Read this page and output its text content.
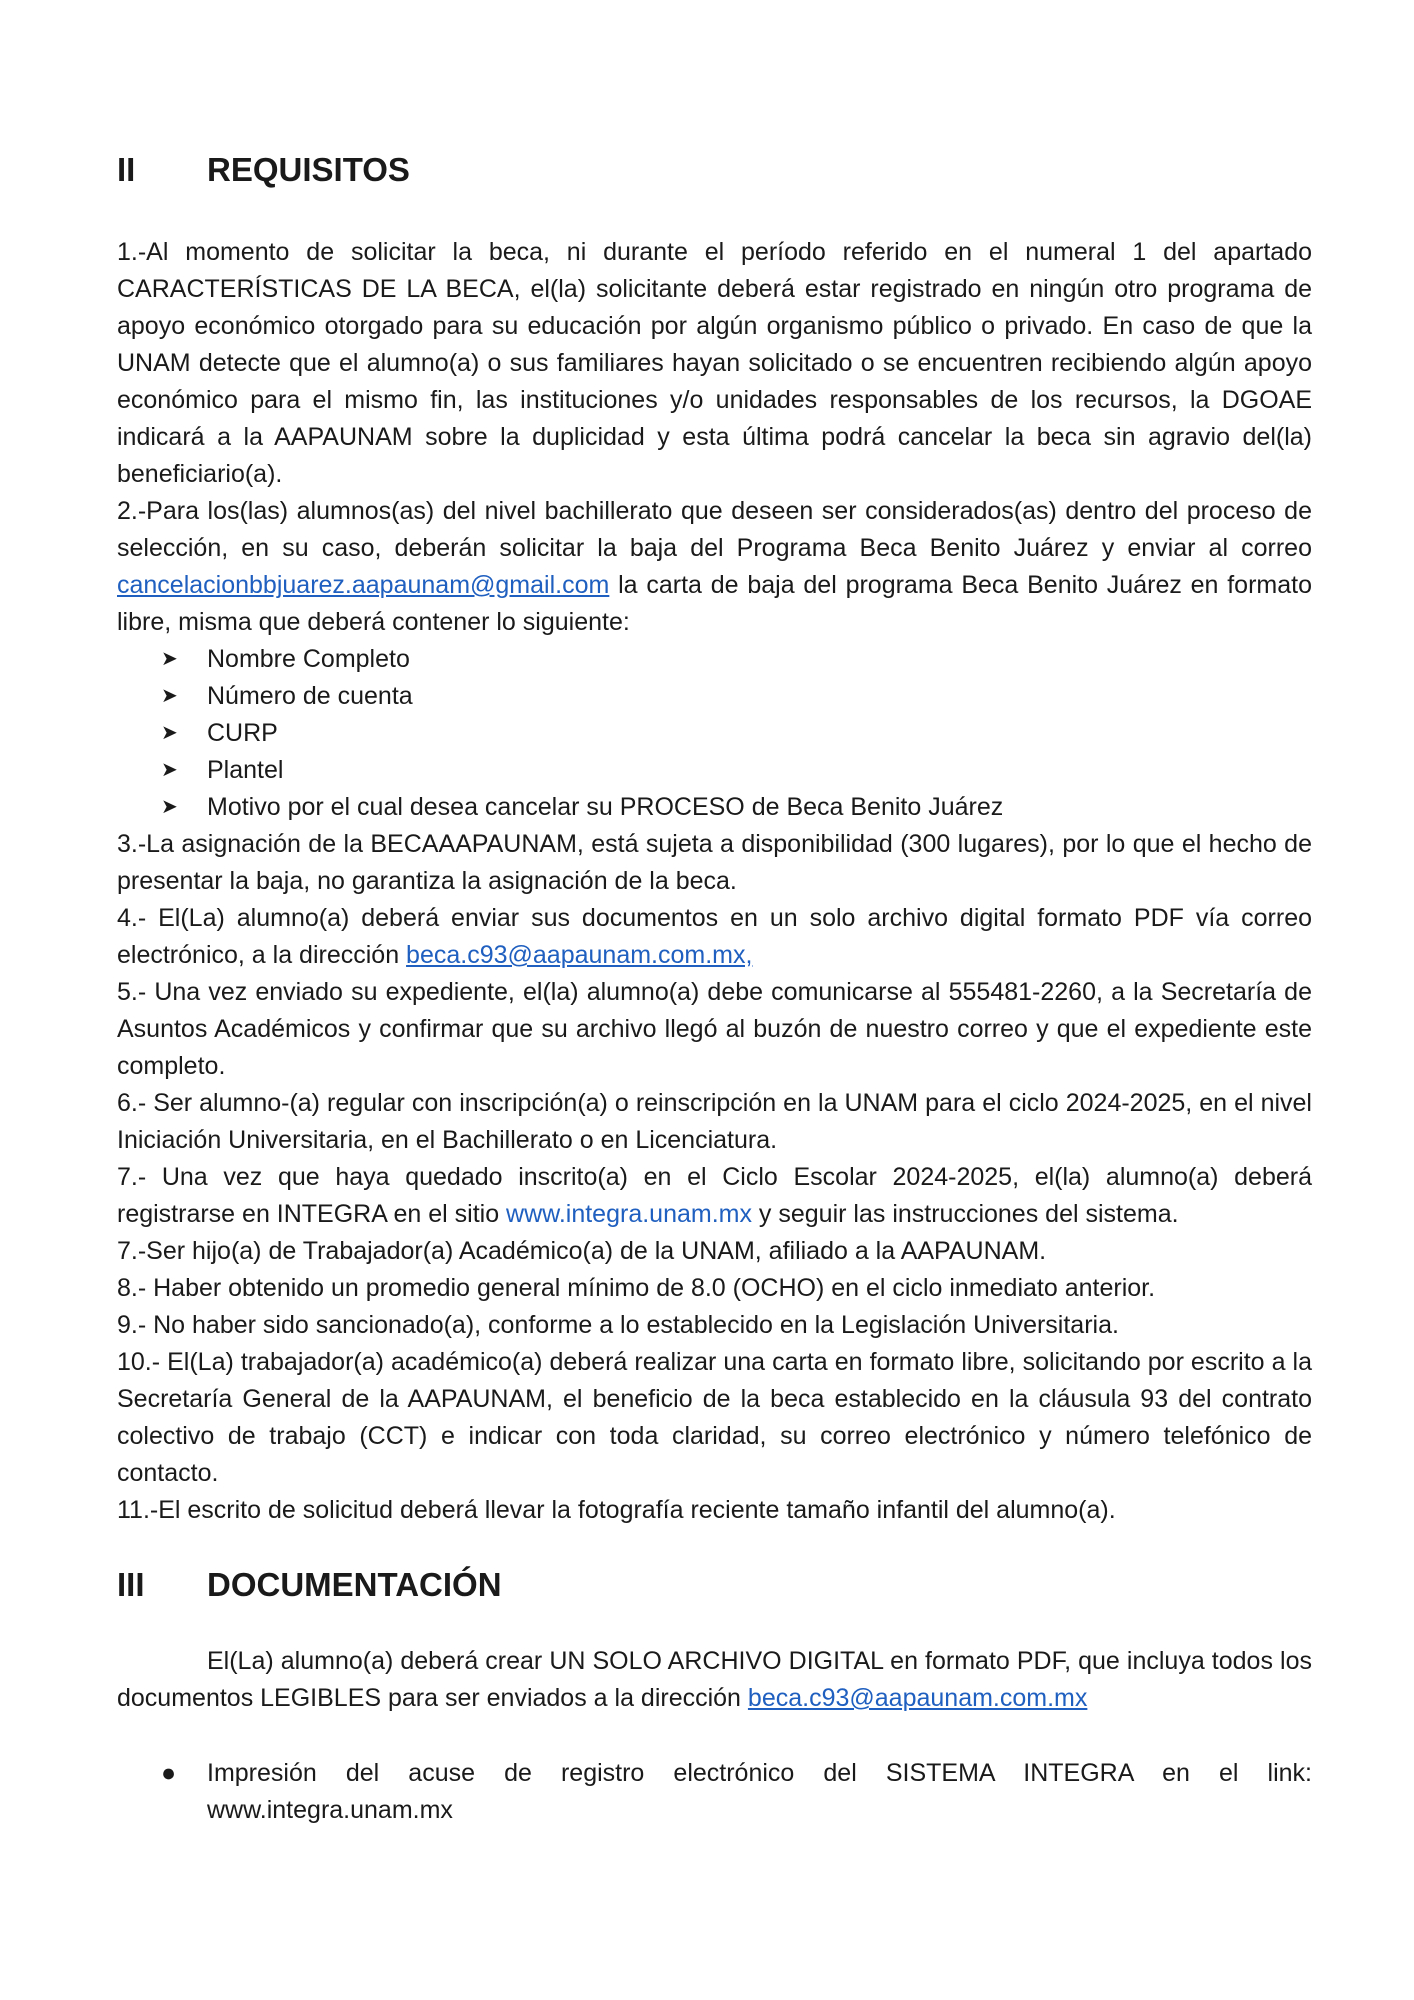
II	REQUISITOS

1.-Al momento de solicitar la beca, ni durante el período referido en el numeral 1 del apartado CARACTERÍSTICAS DE LA BECA, el(la) solicitante deberá estar registrado en ningún otro programa de apoyo económico otorgado para su educación por algún organismo público o privado. En caso de que la UNAM detecte que el alumno(a) o sus familiares hayan solicitado o se encuentren recibiendo algún apoyo económico para el mismo fin, las instituciones y/o unidades responsables de los recursos, la DGOAE indicará a la AAPAUNAM sobre la duplicidad y esta última podrá cancelar la beca sin agravio del(la) beneficiario(a).

2.-Para los(las) alumnos(as) del nivel bachillerato que deseen ser considerados(as) dentro del proceso de selección, en su caso, deberán solicitar la baja del Programa Beca Benito Juárez y enviar al correo cancelacionbbjuarez.aapaunam@gmail.com la carta de baja del programa Beca Benito Juárez en formato libre, misma que deberá contener lo siguiente:

➤	Nombre Completo
➤	Número de cuenta
➤	CURP
➤	Plantel
➤	Motivo por el cual desea cancelar su PROCESO de Beca Benito Juárez

3.-La asignación de la BECAAAPAUNAM, está sujeta a disponibilidad (300 lugares), por lo que el hecho de presentar la baja, no garantiza la asignación de la beca.

4.- El(La) alumno(a) deberá enviar sus documentos en un solo archivo digital formato PDF vía correo electrónico, a la dirección beca.c93@aapaunam.com.mx,

5.- Una vez enviado su expediente, el(la) alumno(a) debe comunicarse al 555481-2260, a la Secretaría de Asuntos Académicos y confirmar que su archivo llegó al buzón de nuestro correo y que el expediente este completo.

6.- Ser alumno-(a) regular con inscripción(a) o reinscripción en la UNAM para el ciclo 2024-2025, en el nivel Iniciación Universitaria, en el Bachillerato o en Licenciatura.

7.- Una vez que haya quedado inscrito(a) en el Ciclo Escolar 2024-2025, el(la) alumno(a) deberá registrarse en INTEGRA en el sitio www.integra.unam.mx y seguir las instrucciones del sistema.

7.-Ser hijo(a) de Trabajador(a) Académico(a) de la UNAM, afiliado a la AAPAUNAM.

8.- Haber obtenido un promedio general mínimo de 8.0 (OCHO) en el ciclo inmediato anterior.

9.- No haber sido sancionado(a), conforme a lo establecido en la Legislación Universitaria.

10.- El(La) trabajador(a) académico(a) deberá realizar una carta en formato libre, solicitando por escrito a la Secretaría General de la AAPAUNAM, el beneficio de la beca establecido en la cláusula 93 del contrato colectivo de trabajo (CCT) e indicar con toda claridad, su correo electrónico y número telefónico de contacto.

11.-El escrito de solicitud deberá llevar la fotografía reciente tamaño infantil del alumno(a).

III	DOCUMENTACIÓN

El(La) alumno(a) deberá crear UN SOLO ARCHIVO DIGITAL en formato PDF, que incluya todos los documentos LEGIBLES para ser enviados a la dirección beca.c93@aapaunam.com.mx

●	Impresión del acuse de registro electrónico del SISTEMA INTEGRA en el link: www.integra.unam.mx
